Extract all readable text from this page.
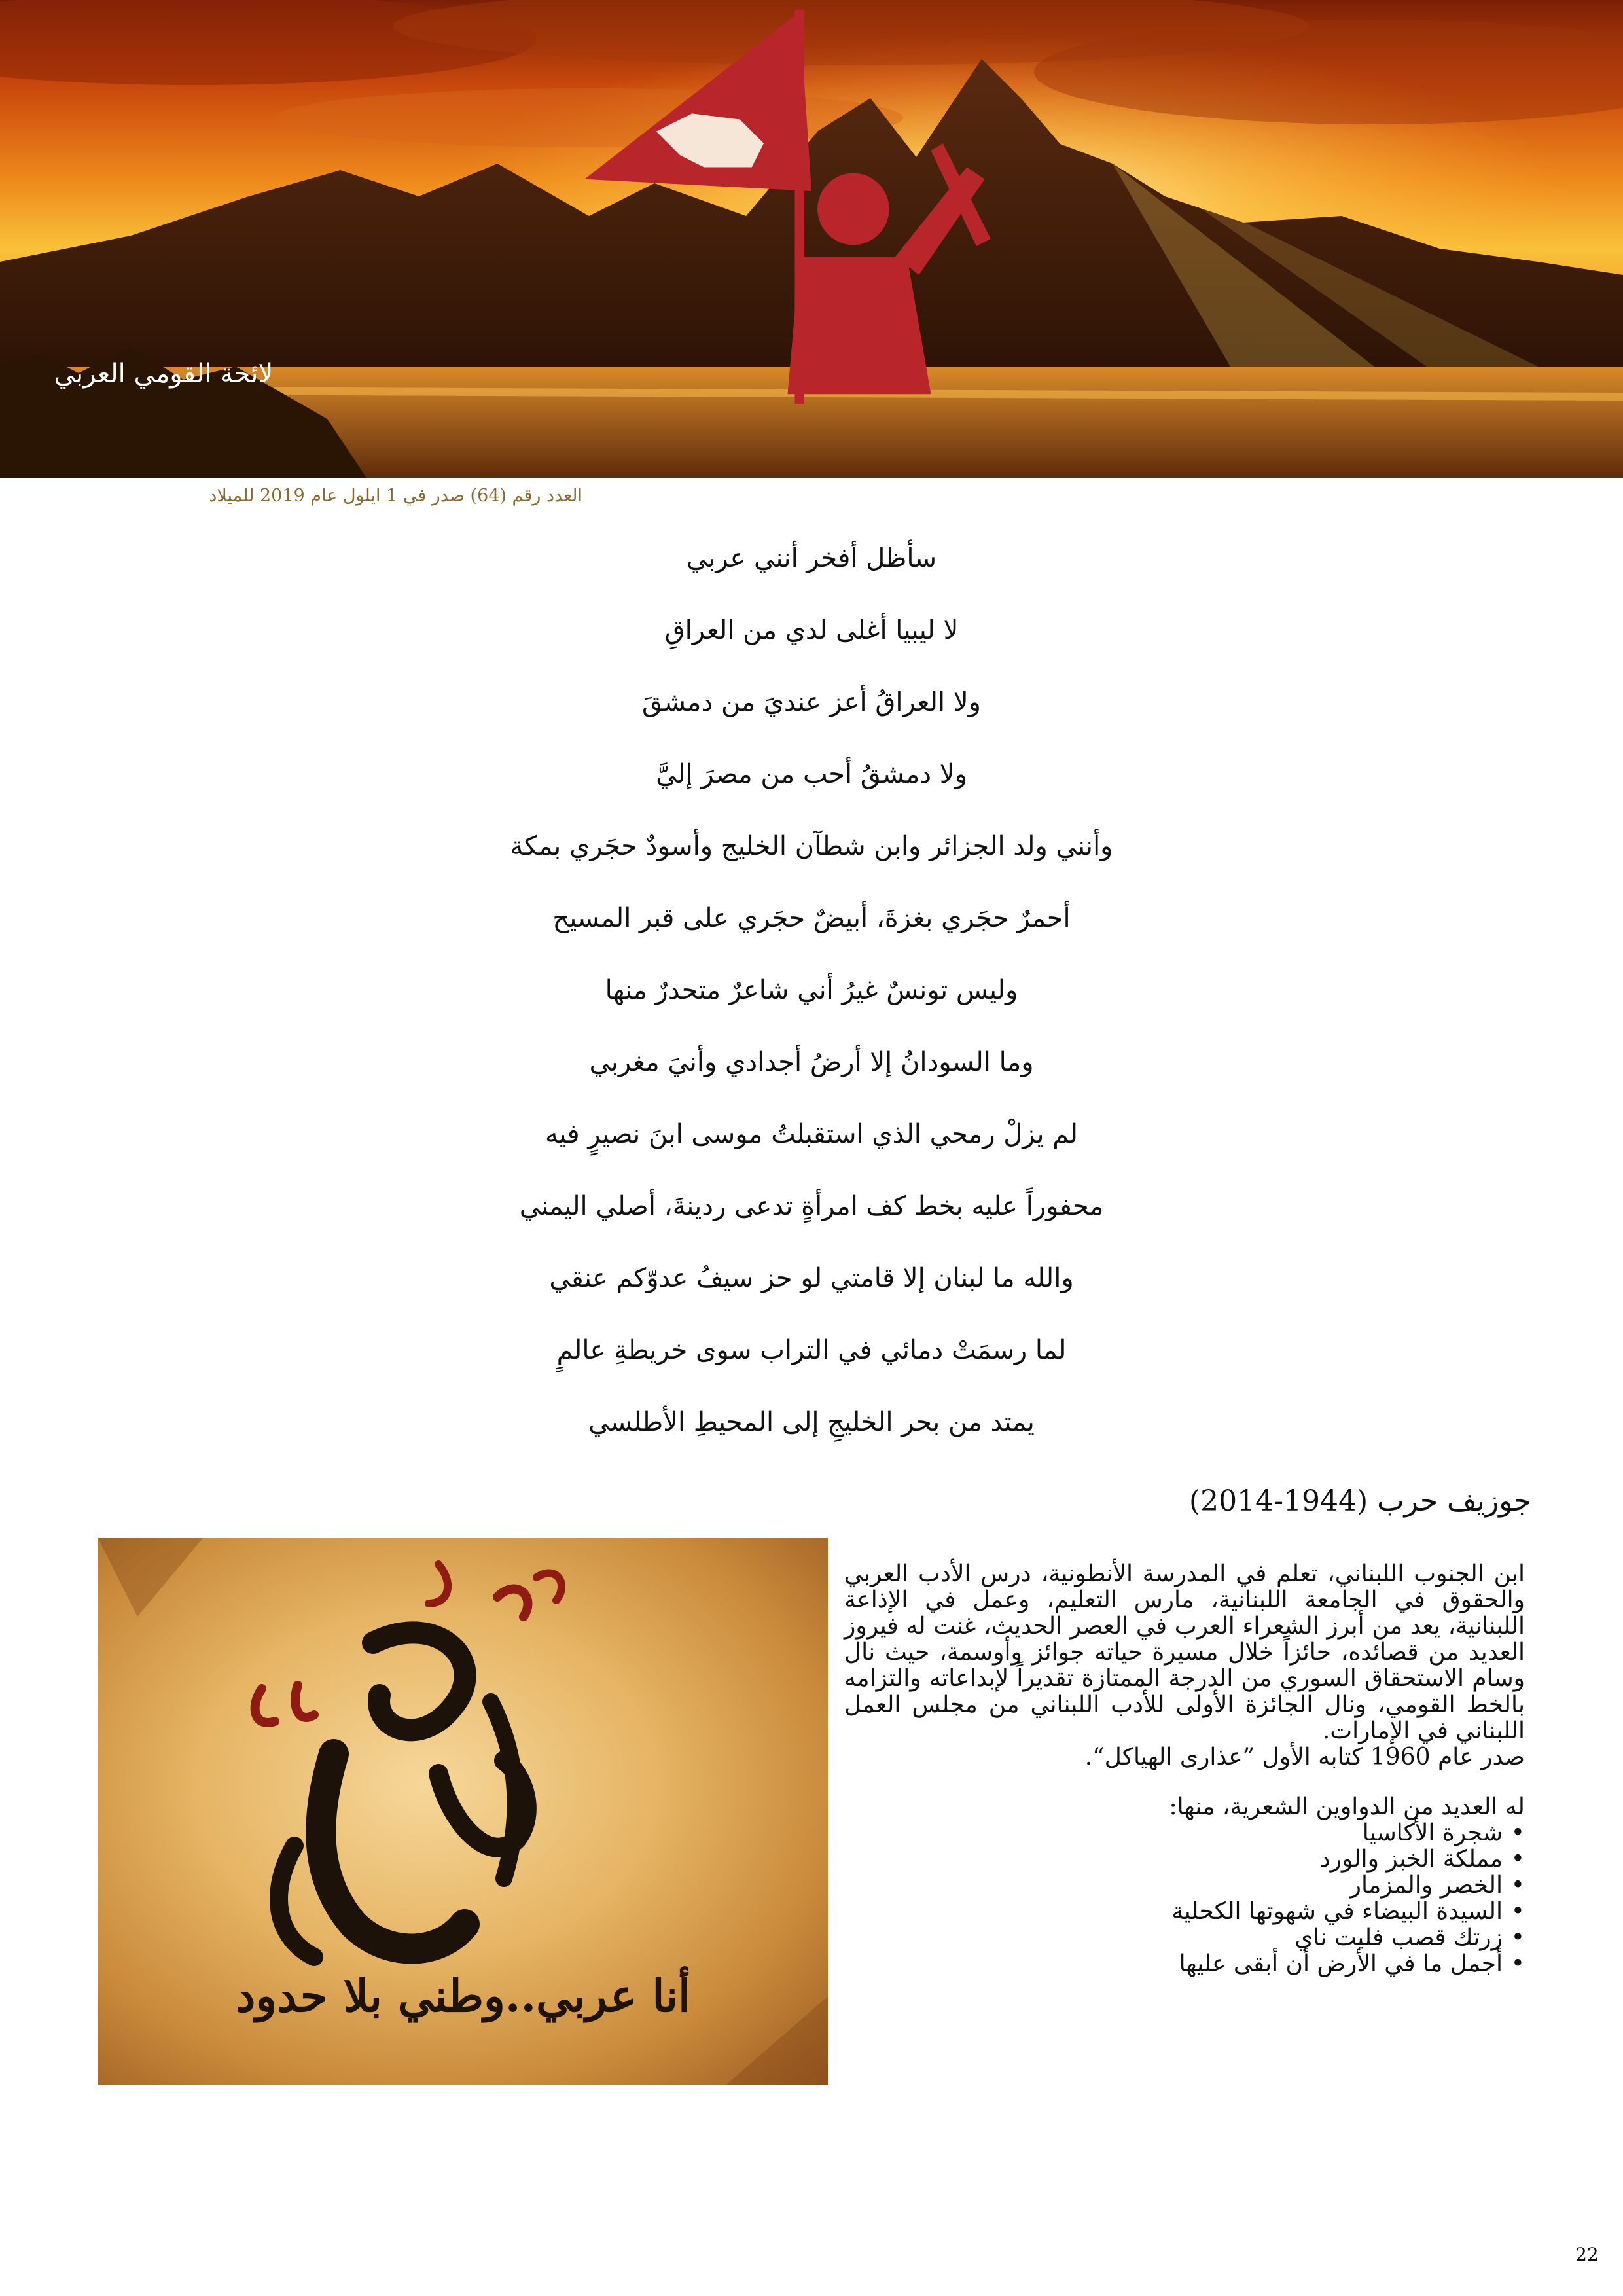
لائحة القومي العربي
العدد رقم (64) صدر في 1 ايلول عام 2019 للميلاد
سأظل أفخر أنني عربي
لا ليبيا أغلى لدي من العراقِ
ولا العراقُ أعز عنديَ من دمشقَ
ولا دمشقُ أحب من مصرَ إليَّ
وأنني ولد الجزائر وابن شطآن الخليج وأسودٌ حجَري بمكة
أحمرٌ حجَري بغزةَ، أبيضٌ حجَري على قبر المسيح
وليس تونسٌ غيرُ أني شاعرٌ متحدرٌ منها
وما السودانُ إلا أرضُ أجدادي وأنيَ مغربي
لم يزلْ رمحي الذي استقبلتُ موسى ابنَ نصيرٍ فيه
محفوراً عليه بخط كف امرأةٍ تدعى ردينةَ، أصلي اليمني
والله ما لبنان إلا قامتي لو حز سيفُ عدوّكم عنقي
لما رسمَتْ دمائي في التراب سوى خريطةِ عالمٍ
يمتد من بحر الخليجِ إلى المحيطِ الأطلسي
جوزيف حرب (1944-2014)
أنا عربي..وطني بلا حدود

ابن الجنوب اللبناني، تعلم في المدرسة الأنطونية، درس الأدب العربي والحقوق في الجامعة اللبنانية، مارس التعليم، وعمل في الإذاعة اللبنانية، يعد من أبرز الشعراء العرب في العصر الحديث، غنت له فيروز العديد من قصائده، حائزاً خلال مسيرة حياته جوائز وأوسمة، حيث نال وسام الاستحقاق السوري من الدرجة الممتازة تقديراً لإبداعاته والتزامه بالخط القومي، ونال الجائزة الأولى للأدب اللبناني من مجلس العمل اللبناني في الإمارات.

صدر عام 1960 كتابه الأول ”عذارى الهياكل“.

له العديد من الدواوين الشعرية، منها:

• شجرة الأكاسيا
• مملكة الخبز والورد
• الخصر والمزمار
• السيدة البيضاء في شهوتها الكحلية
• زرتك قصب فليت ناي
• أجمل ما في الأرض أن أبقى عليها
22
